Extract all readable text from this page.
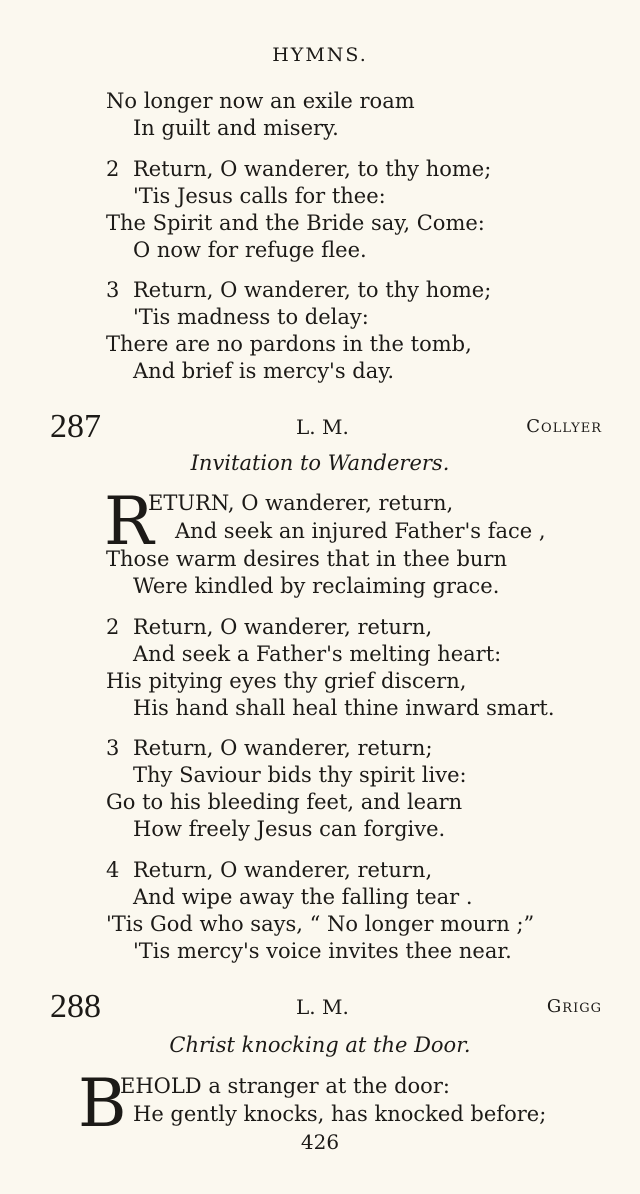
HYMNS.
No longer now an exile roam
In guilt and misery.
2 Return, O wanderer, to thy home;
'Tis Jesus calls for thee:
The Spirit and the Bride say, Come:
O now for refuge flee.
3 Return, O wanderer, to thy home;
'Tis madness to delay:
There are no pardons in the tomb,
And brief is mercy's day.
287	L. M.	Collyer
Invitation to Wanderers.
R
ETURN, O wanderer, return,
And seek an injured Father's face ,
Those warm desires that in thee burn
Were kindled by reclaiming grace.
2 Return, O wanderer, return,
And seek a Father's melting heart:
His pitying eyes thy grief discern,
His hand shall heal thine inward smart.
3 Return, O wanderer, return;
Thy Saviour bids thy spirit live:
Go to his bleeding feet, and learn
How freely Jesus can forgive.
4 Return, O wanderer, return,
And wipe away the falling tear .
'Tis God who says, “ No longer mourn ;”
'Tis mercy's voice invites thee near.
288	L. M.	Grigg
Christ knocking at the Door.
B
EHOLD a stranger at the door:
He gently knocks, has knocked before;
426
